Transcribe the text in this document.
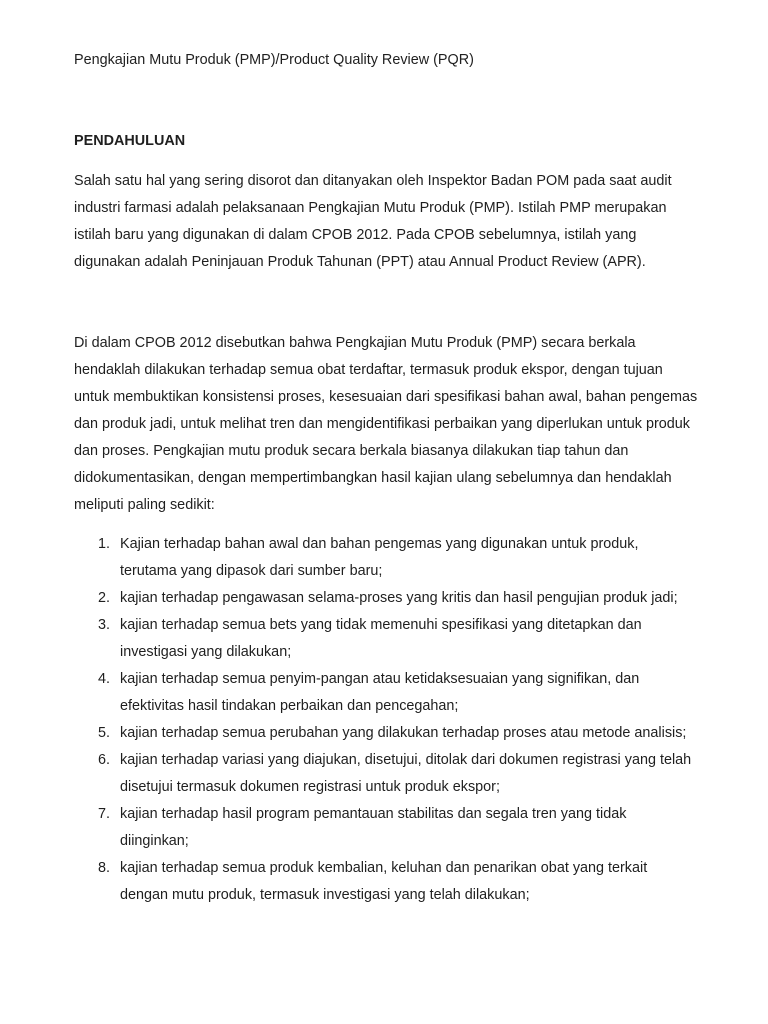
Pengkajian Mutu Produk (PMP)/Product Quality Review (PQR)
PENDAHULUAN

Salah satu hal yang sering disorot dan ditanyakan oleh Inspektor Badan POM pada saat audit industri farmasi adalah pelaksanaan Pengkajian Mutu Produk (PMP). Istilah PMP merupakan istilah baru yang digunakan di dalam CPOB 2012. Pada CPOB sebelumnya, istilah yang digunakan adalah Peninjauan Produk Tahunan (PPT) atau Annual Product Review (APR).

Di dalam CPOB 2012 disebutkan bahwa Pengkajian Mutu Produk (PMP) secara berkala hendaklah dilakukan terhadap semua obat terdaftar, termasuk produk ekspor, dengan tujuan untuk membuktikan konsistensi proses, kesesuaian dari spesifikasi bahan awal, bahan pengemas dan produk jadi, untuk melihat tren dan mengidentifikasi perbaikan yang diperlukan untuk produk dan proses. Pengkajian mutu produk secara berkala biasanya dilakukan tiap tahun dan didokumentasikan, dengan mempertimbangkan hasil kajian ulang sebelumnya dan hendaklah meliputi paling sedikit:

1. Kajian terhadap bahan awal dan bahan pengemas yang digunakan untuk produk, terutama yang dipasok dari sumber baru;
2. kajian terhadap pengawasan selama-proses yang kritis dan hasil pengujian produk jadi;
3. kajian terhadap semua bets yang tidak memenuhi spesifikasi yang ditetapkan dan investigasi yang dilakukan;
4. kajian terhadap semua penyim-pangan atau ketidaksesuaian yang signifikan, dan efektivitas hasil tindakan perbaikan dan pencegahan;
5. kajian terhadap semua perubahan yang dilakukan terhadap proses atau metode analisis;
6. kajian terhadap variasi yang diajukan, disetujui, ditolak dari dokumen registrasi yang telah disetujui termasuk dokumen registrasi untuk produk ekspor;
7. kajian terhadap hasil program pemantauan stabilitas dan segala tren yang tidak diinginkan;
8. kajian terhadap semua produk kembalian, keluhan dan penarikan obat yang terkait dengan mutu produk, termasuk investigasi yang telah dilakukan;
